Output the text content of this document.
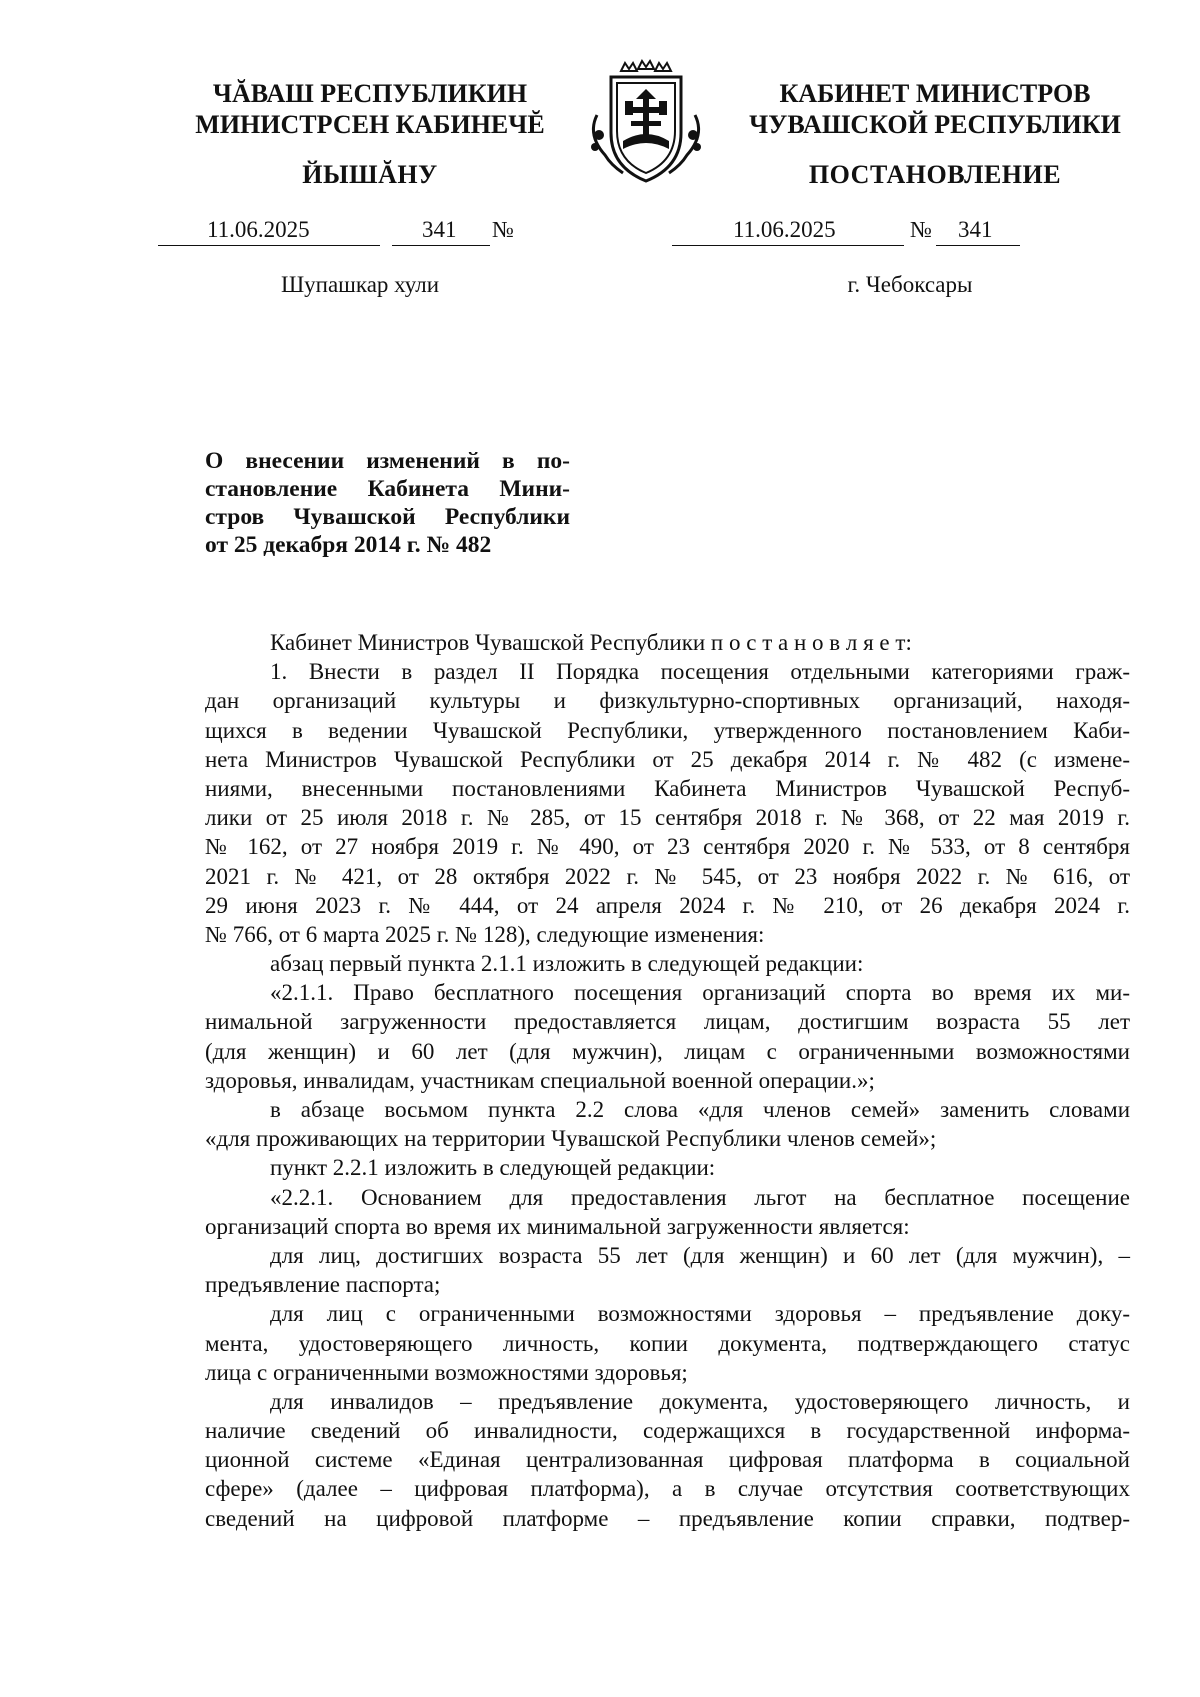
ЧĂВАШ РЕСПУБЛИКИН
МИНИСТРСЕН КАБИНЕЧĔ
ЙЫШĂНУ
КАБИНЕТ МИНИСТРОВ
ЧУВАШСКОЙ РЕСПУБЛИКИ
ПОСТАНОВЛЕНИЕ
11.06.2025	341 №	11.06.2025	№ 341
Шупашкар хули	г. Чебоксары
О внесении изменений в по-
становление Кабинета Мини-
стров Чувашской Республики
от 25 декабря 2014 г. № 482
Кабинет Министров Чувашской Республики п о с т а н о в л я е т:
1. Внести в раздел II Порядка посещения отдельными категориями граж-
дан организаций культуры и физкультурно-спортивных организаций, находя-
щихся в ведении Чувашской Республики, утвержденного постановлением Каби-
нета Министров Чувашской Республики от 25 декабря 2014 г. № 482 (с измене-
ниями, внесенными постановлениями Кабинета Министров Чувашской Респуб-
лики от 25 июля 2018 г. № 285, от 15 сентября 2018 г. № 368, от 22 мая 2019 г.
№ 162, от 27 ноября 2019 г. № 490, от 23 сентября 2020 г. № 533, от 8 сентября
2021 г. № 421, от 28 октября 2022 г. № 545, от 23 ноября 2022 г. № 616, от
29 июня 2023 г. № 444, от 24 апреля 2024 г. № 210, от 26 декабря 2024 г.
№ 766, от 6 марта 2025 г. № 128), следующие изменения:
абзац первый пункта 2.1.1 изложить в следующей редакции:
«2.1.1. Право бесплатного посещения организаций спорта во время их ми-
нимальной загруженности предоставляется лицам, достигшим возраста 55 лет
(для женщин) и 60 лет (для мужчин), лицам с ограниченными возможностями
здоровья, инвалидам, участникам специальной военной операции.»;
в абзаце восьмом пункта 2.2 слова «для членов семей» заменить словами
«для проживающих на территории Чувашской Республики членов семей»;
пункт 2.2.1 изложить в следующей редакции:
«2.2.1. Основанием для предоставления льгот на бесплатное посещение
организаций спорта во время их минимальной загруженности является:
для лиц, достигших возраста 55 лет (для женщин) и 60 лет (для мужчин), –
предъявление паспорта;
для лиц с ограниченными возможностями здоровья – предъявление доку-
мента, удостоверяющего личность, копии документа, подтверждающего статус
лица с ограниченными возможностями здоровья;
для инвалидов – предъявление документа, удостоверяющего личность, и
наличие сведений об инвалидности, содержащихся в государственной информа-
ционной системе «Единая централизованная цифровая платформа в социальной
сфере» (далее – цифровая платформа), а в случае отсутствия соответствующих
сведений на цифровой платформе – предъявление копии справки, подтвер-
